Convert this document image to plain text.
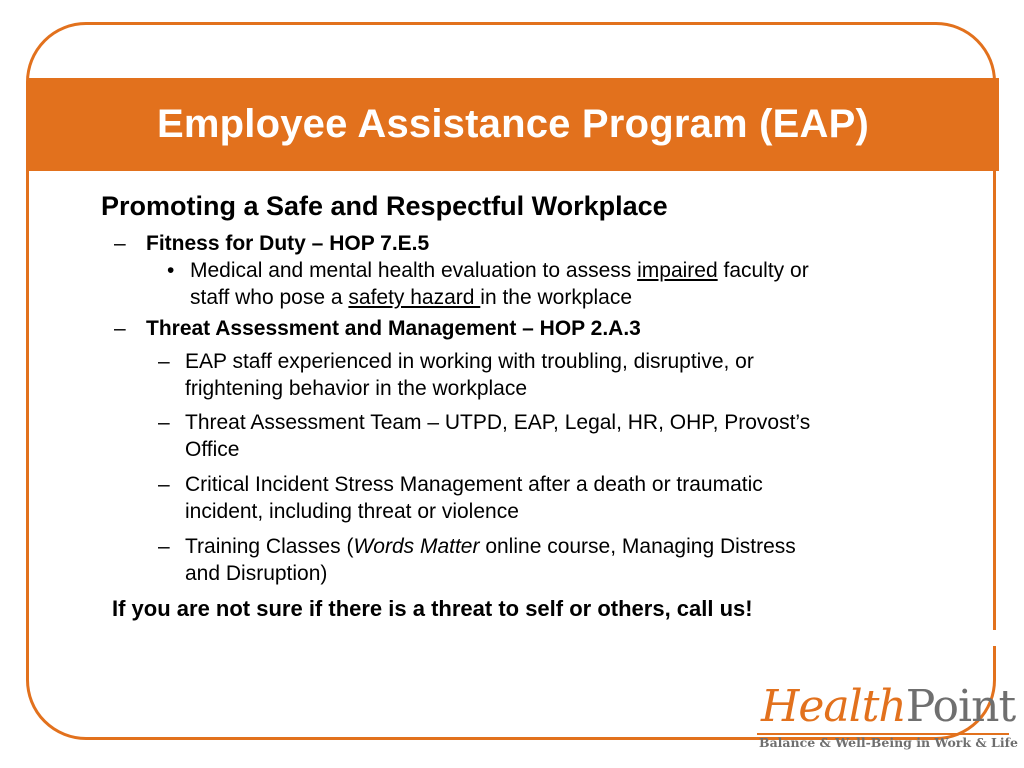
Employee Assistance Program (EAP)
Promoting a Safe and Respectful Workplace
– Fitness for Duty – HOP 7.E.5
• Medical and mental health evaluation to assess impaired faculty or
staff who pose a safety hazard in the workplace
– Threat Assessment and Management – HOP 2.A.3
– EAP staff experienced in working with troubling, disruptive, or
frightening behavior in the workplace
– Threat Assessment Team – UTPD, EAP, Legal, HR, OHP, Provost’s
Office
– Critical Incident Stress Management after a death or traumatic
incident, including threat or violence
– Training Classes (Words Matter online course, Managing Distress
and Disruption)
If you are not sure if there is a threat to self or others, call us!
HealthPoint
Balance & Well-Being in Work & Life
